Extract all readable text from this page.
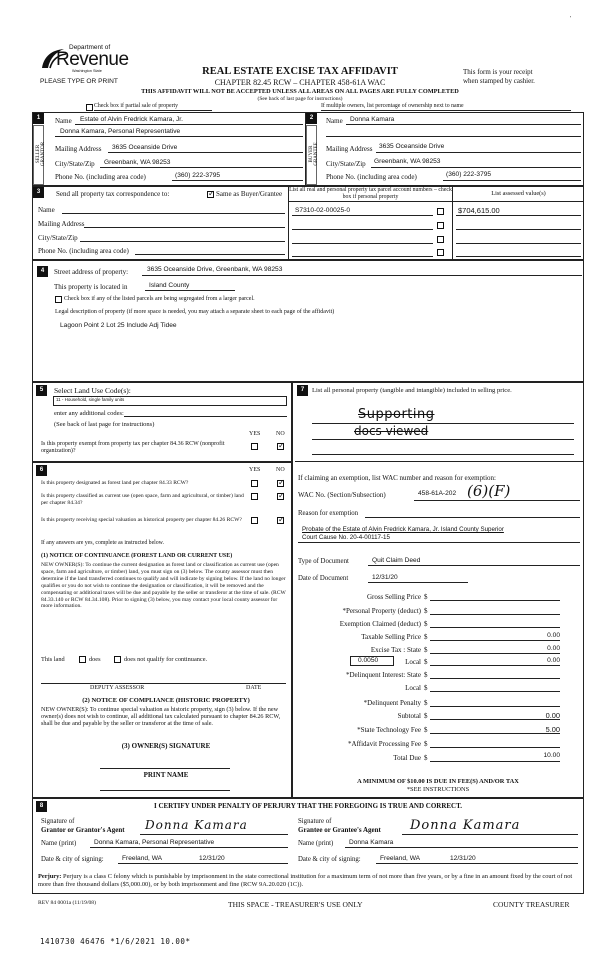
Department of
Revenue
Washington State
PLEASE TYPE OR PRINT
REAL ESTATE EXCISE TAX AFFIDAVIT
CHAPTER 82.45 RCW – CHAPTER 458-61A WAC
THIS AFFIDAVIT WILL NOT BE ACCEPTED UNLESS ALL AREAS ON ALL PAGES ARE FULLY COMPLETED
(See back of last page for instructions)
This form is your receipt
when stamped by cashier.
'
Check box if partial sale of property	If multiple owners, list percentage of ownership next to name
1	2
SELLER GRANTOR	BUYER GRANTEE
Name Estate of Alvin Fredrick Kamara, Jr.
Donna Kamara, Personal Representative
Mailing Address 3635 Oceanside Drive
City/State/Zip Greenbank, WA 98253
Phone No. (including area code)	(360) 222-3795
Name Donna Kamara
Mailing Address 3635 Oceanside Drive
City/State/Zip Greenbank, WA 98253
Phone No. (including area code)	(360) 222-3795
3	Send all property tax correspondence to:
✓	Same as Buyer/Grantee
Name
Mailing Address
City/State/Zip
Phone No. (including area code)
List all real and personal property tax parcel account numbers – check box if personal property	List assessed value(s)
S7310-02-00025-0	$704,615.00
4	Street address of property:	3635 Oceanside Drive, Greenbank, WA 98253
This property is located in	Island County
Check box if any of the listed parcels are being segregated from a larger parcel.
Legal description of property (if more space is needed, you may attach a separate sheet to each page of the affidavit)
Lagoon Point 2 Lot 25 Include Adj Tidee
5	Select Land Use Code(s):
11 - Household, single family units
enter any additional codes:
(See back of last page for instructions)
YES	NO
Is this property exempt from property tax per chapter 84.36 RCW (nonprofit organization)?
✓
6	YES	NO
Is this property designated as forest land per chapter 84.33 RCW?
✓
Is this property classified as current use (open space, farm and agricultural, or timber) land per chapter 84.34?
✓
Is this property receiving special valuation as historical property per chapter 84.26 RCW?
✓
If any answers are yes, complete as instructed below.
(1) NOTICE OF CONTINUANCE (FOREST LAND OR CURRENT USE)
NEW OWNER(S): To continue the current designation as forest land or classification as current use (open space, farm and agriculture, or timber) land, you must sign on (3) below. The county assessor must then determine if the land transferred continues to qualify and will indicate by signing below. If the land no longer qualifies or you do not wish to continue the designation or classification, it will be removed and the compensating or additional taxes will be due and payable by the seller or transferor at the time of sale. (RCW 84.33.140 or RCW 84.34.108). Prior to signing (3) below, you may contact your local county assessor for more information.
This land	does	does not qualify for continuance.
DEPUTY ASSESSOR	DATE
(2) NOTICE OF COMPLIANCE (HISTORIC PROPERTY)
NEW OWNER(S): To continue special valuation as historic property, sign (3) below. If the new owner(s) does not wish to continue, all additional tax calculated pursuant to chapter 84.26 RCW, shall be due and payable by the seller or transferor at the time of sale.
(3) OWNER(S) SIGNATURE
PRINT NAME
7	List all personal property (tangible and intangible) included in selling price.
Supporting
docs viewed
If claiming an exemption, list WAC number and reason for exemption:
WAC No. (Section/Subsection)	458-61A-202 (6)(F)
Reason for exemption
Probate of the Estate of Alvin Fredrick Kamara, Jr. Island County Superior
Court Cause No. 20-4-00117-15
Type of Document	Quit Claim Deed
Date of Document	12/31/20
Gross Selling Price $
*Personal Property (deduct) $
Exemption Claimed (deduct) $
Taxable Selling Price $	0.00
Excise Tax : State $	0.00
0.0050	Local $	0.00
*Delinquent Interest: State $
Local $
*Delinquent Penalty $
Subtotal $	0.00
*State Technology Fee $	5.00
*Affidavit Processing Fee $
Total Due $	10.00
A MINIMUM OF $10.00 IS DUE IN FEE(S) AND/OR TAX
*SEE INSTRUCTIONS
8	I CERTIFY UNDER PENALTY OF PERJURY THAT THE FOREGOING IS TRUE AND CORRECT.
Signature of
Grantor or Grantor's Agent Donna Kamara
Name (print)	Donna Kamara, Personal Representative
Date & city of signing:	Freeland, WA	12/31/20
Signature of
Grantee or Grantee's Agent Donna Kamara
Name (print) Donna Kamara
Date & city of signing:	Freeland, WA	12/31/20
Perjury: Perjury is a class C felony which is punishable by imprisonment in the state correctional institution for a maximum term of not more than five years, or by a fine in an amount fixed by the court of not more than five thousand dollars ($5,000.00), or by both imprisonment and fine (RCW 9A.20.020 (1C)).
REV 84 0001a (11/19/08)	THIS SPACE - TREASURER'S USE ONLY	COUNTY TREASURER
1410730 46476 *1/6/2021 10.00*
